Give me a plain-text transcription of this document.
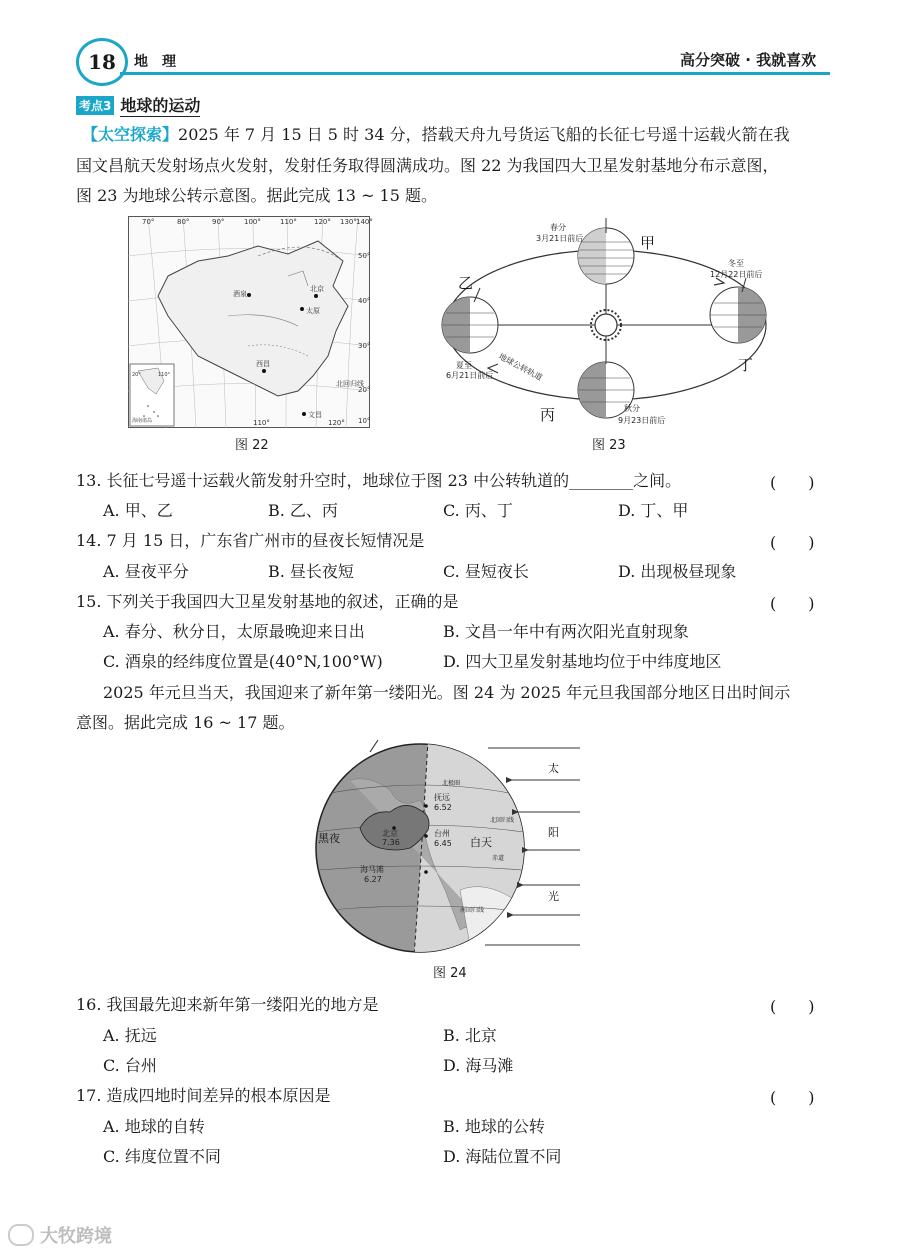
18 地　理	高分突破 · 我就喜欢
考点3 地球的运动
【太空探索】2025 年 7 月 15 日 5 时 34 分，搭载天舟九号货运飞船的长征七号遥十运载火箭在我
国文昌航天发射场点火发射，发射任务取得圆满成功。图 22 为我国四大卫星发射基地分布示意图，
图 23 为地球公转示意图。据此完成 13 ~ 15 题。
酒泉
北京
太原
西昌
文昌
北回归线
海南诸岛
20°	110°
70°	80°	90°	100°	110° 120° 130° 140°
50°
40°
30°
20°
10°
110°	120°
图 22
春分
3月21日前后	甲
乙
夏至
6月21日前后
冬至
12月22日前后
丁
丙	秋分
9月23日前后
地球公转轨道
图 23
13. 长征七号遥十运载火箭发射升空时，地球位于图 23 中公转轨道的________之间。	(　　)
A. 甲、乙	B. 乙、丙	C. 丙、丁	D. 丁、甲
14. 7 月 15 日，广东省广州市的昼夜长短情况是	(　　)
A. 昼夜平分	B. 昼长夜短	C. 昼短夜长	D. 出现极昼现象
15. 下列关于我国四大卫星发射基地的叙述，正确的是	(　　)
A. 春分、秋分日，太原最晚迎来日出	B. 文昌一年中有两次阳光直射现象
C. 酒泉的经纬度位置是(40°N,100°W)	D. 四大卫星发射基地均位于中纬度地区
2025 年元旦当天，我国迎来了新年第一缕阳光。图 24 为 2025 年元旦我国部分地区日出时间示
意图。据此完成 16 ~ 17 题。
太
阳
光
黑夜	白天
抚远
6.52
北京
7.36
台州
6.45
海马滩
6.27
北极圈
北回归线
赤道
南回归线
图 24
16. 我国最先迎来新年第一缕阳光的地方是	(　　)
A. 抚远	B. 北京
C. 台州	D. 海马滩
17. 造成四地时间差异的根本原因是	(　　)
A. 地球的自转	B. 地球的公转
C. 纬度位置不同	D. 海陆位置不同
大牧跨境
